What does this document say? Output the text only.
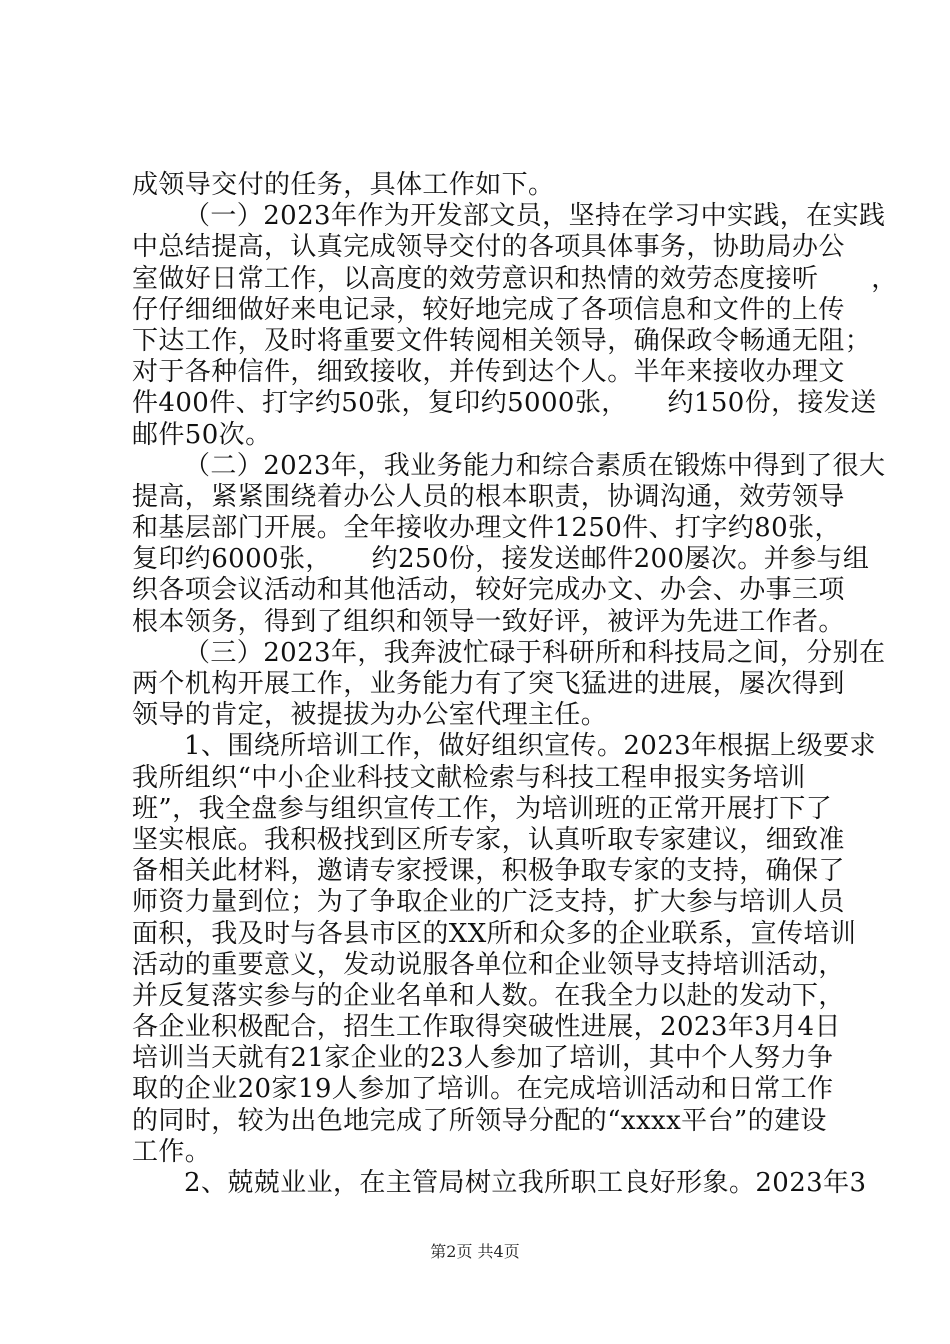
成领导交付的任务，具体工作如下。
（一）2023年作为开发部文员，坚持在学习中实践，在实践
中总结提高，认真完成领导交付的各项具体事务，协助局办公
室做好日常工作，以高度的效劳意识和热情的效劳态度接听　　，
仔仔细细做好来电记录，较好地完成了各项信息和文件的上传
下达工作，及时将重要文件转阅相关领导，确保政令畅通无阻；
对于各种信件，细致接收，并传到达个人。半年来接收办理文
件400件、打字约50张，复印约5000张，　　约150份，接发送
邮件50次。
（二）2023年，我业务能力和综合素质在锻炼中得到了很大
提高，紧紧围绕着办公人员的根本职责，协调沟通，效劳领导
和基层部门开展。全年接收办理文件1250件、打字约80张，
复印约6000张，　　约250份，接发送邮件200屡次。并参与组
织各项会议活动和其他活动，较好完成办文、办会、办事三项
根本领务，得到了组织和领导一致好评，被评为先进工作者。
（三）2023年，我奔波忙碌于科研所和科技局之间，分别在
两个机构开展工作，业务能力有了突飞猛进的进展，屡次得到
领导的肯定，被提拔为办公室代理主任。
1、围绕所培训工作，做好组织宣传。2023年根据上级要求
我所组织“中小企业科技文献检索与科技工程申报实务培训
班”，我全盘参与组织宣传工作，为培训班的正常开展打下了
坚实根底。我积极找到区所专家，认真听取专家建议，细致准
备相关此材料，邀请专家授课，积极争取专家的支持，确保了
师资力量到位；为了争取企业的广泛支持，扩大参与培训人员
面积，我及时与各县市区的XX所和众多的企业联系，宣传培训
活动的重要意义，发动说服各单位和企业领导支持培训活动，
并反复落实参与的企业名单和人数。在我全力以赴的发动下，
各企业积极配合，招生工作取得突破性进展，2023年3月4日
培训当天就有21家企业的23人参加了培训，其中个人努力争
取的企业20家19人参加了培训。在完成培训活动和日常工作
的同时，较为出色地完成了所领导分配的“xxxx平台”的建设
工作。
2、兢兢业业，在主管局树立我所职工良好形象。2023年3
第2页 共4页
